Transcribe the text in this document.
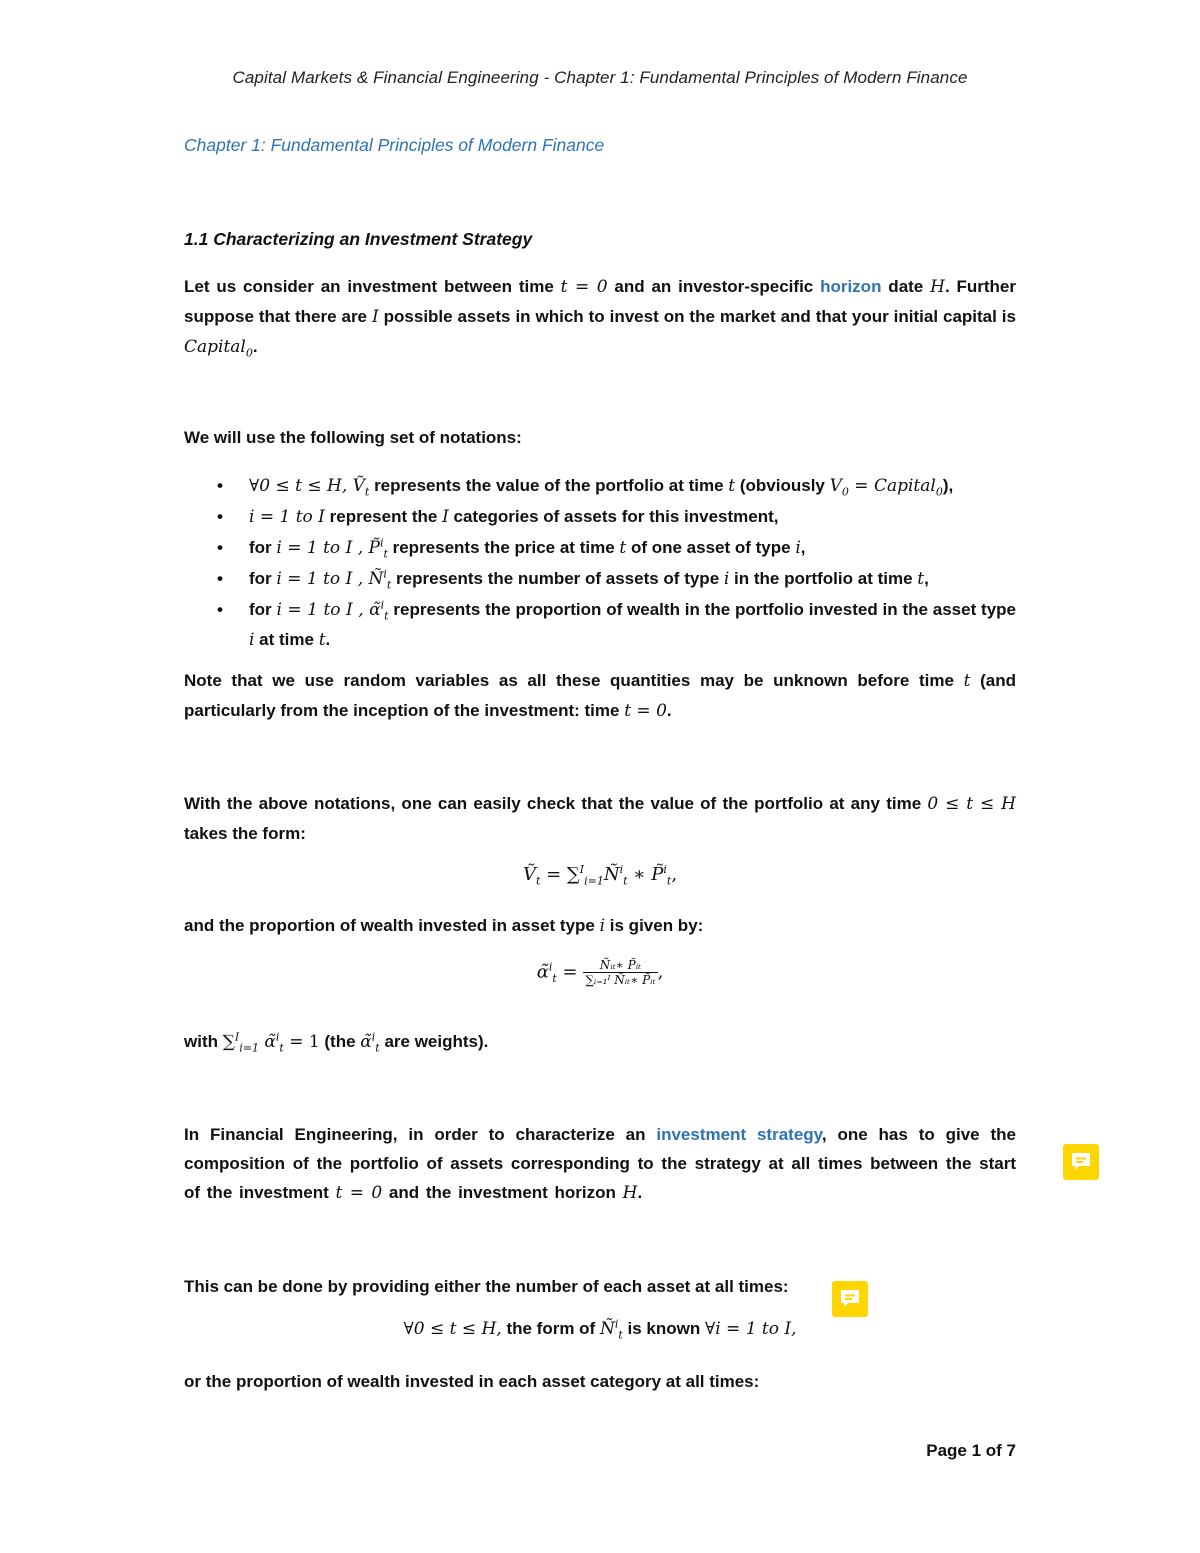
Capital Markets & Financial Engineering - Chapter 1: Fundamental Principles of Modern Finance
Chapter 1: Fundamental Principles of Modern Finance
1.1 Characterizing an Investment Strategy
Let us consider an investment between time t = 0 and an investor-specific horizon date H. Further suppose that there are I possible assets in which to invest on the market and that your initial capital is Capital$_0$.
We will use the following set of notations:
• ∀0 ≤ t ≤ H, Ṽ$_t$ represents the value of the portfolio at time t (obviously $V_0$ = Capital$_0$),
• i = 1 to I represent the I categories of assets for this investment,
• for i = 1 to I , P̃$^i_t$ represents the price at time t of one asset of type i,
• for i = 1 to I , $Ñ^i_t$ represents the number of assets of type i in the portfolio at time t,
• for i = 1 to I , α̃$^i_t$ represents the proportion of wealth in the portfolio invested in the asset type i at time t.
Note that we use random variables as all these quantities may be unknown before time t (and particularly from the inception of the investment: time t = 0.
With the above notations, one can easily check that the value of the portfolio at any time 0 ≤ t ≤ H takes the form:
Ṽ$_t$ = $\sum^I_{i=1}Ñ^i_t$ ∗ P̃$^i_t$,
and the proportion of wealth invested in asset type i is given by:
α̃$^i_t$ = $\frac{\text{Ñᵢₜ∗ P̃ᵢₜ}}{\text{∑ᵢ₌₁ᴵ Ñᵢₜ∗ P̃ᵢₜ}}$ ,
with ∑$^I_{i=1}$ α̃$^i_t$ = 1 (the α̃$^i_t$ are weights).
In Financial Engineering, in order to characterize an investment strategy, one has to give the composition of the portfolio of assets corresponding to the strategy at all times between the start of the investment t = 0 and the investment horizon H.
This can be done by providing either the number of each asset at all times:
∀0 ≤ t ≤ H, the form of $Ñ^i_t$ is known ∀i = 1 to I,
or the proportion of wealth invested in each asset category at all times:
Page 1 of 7
